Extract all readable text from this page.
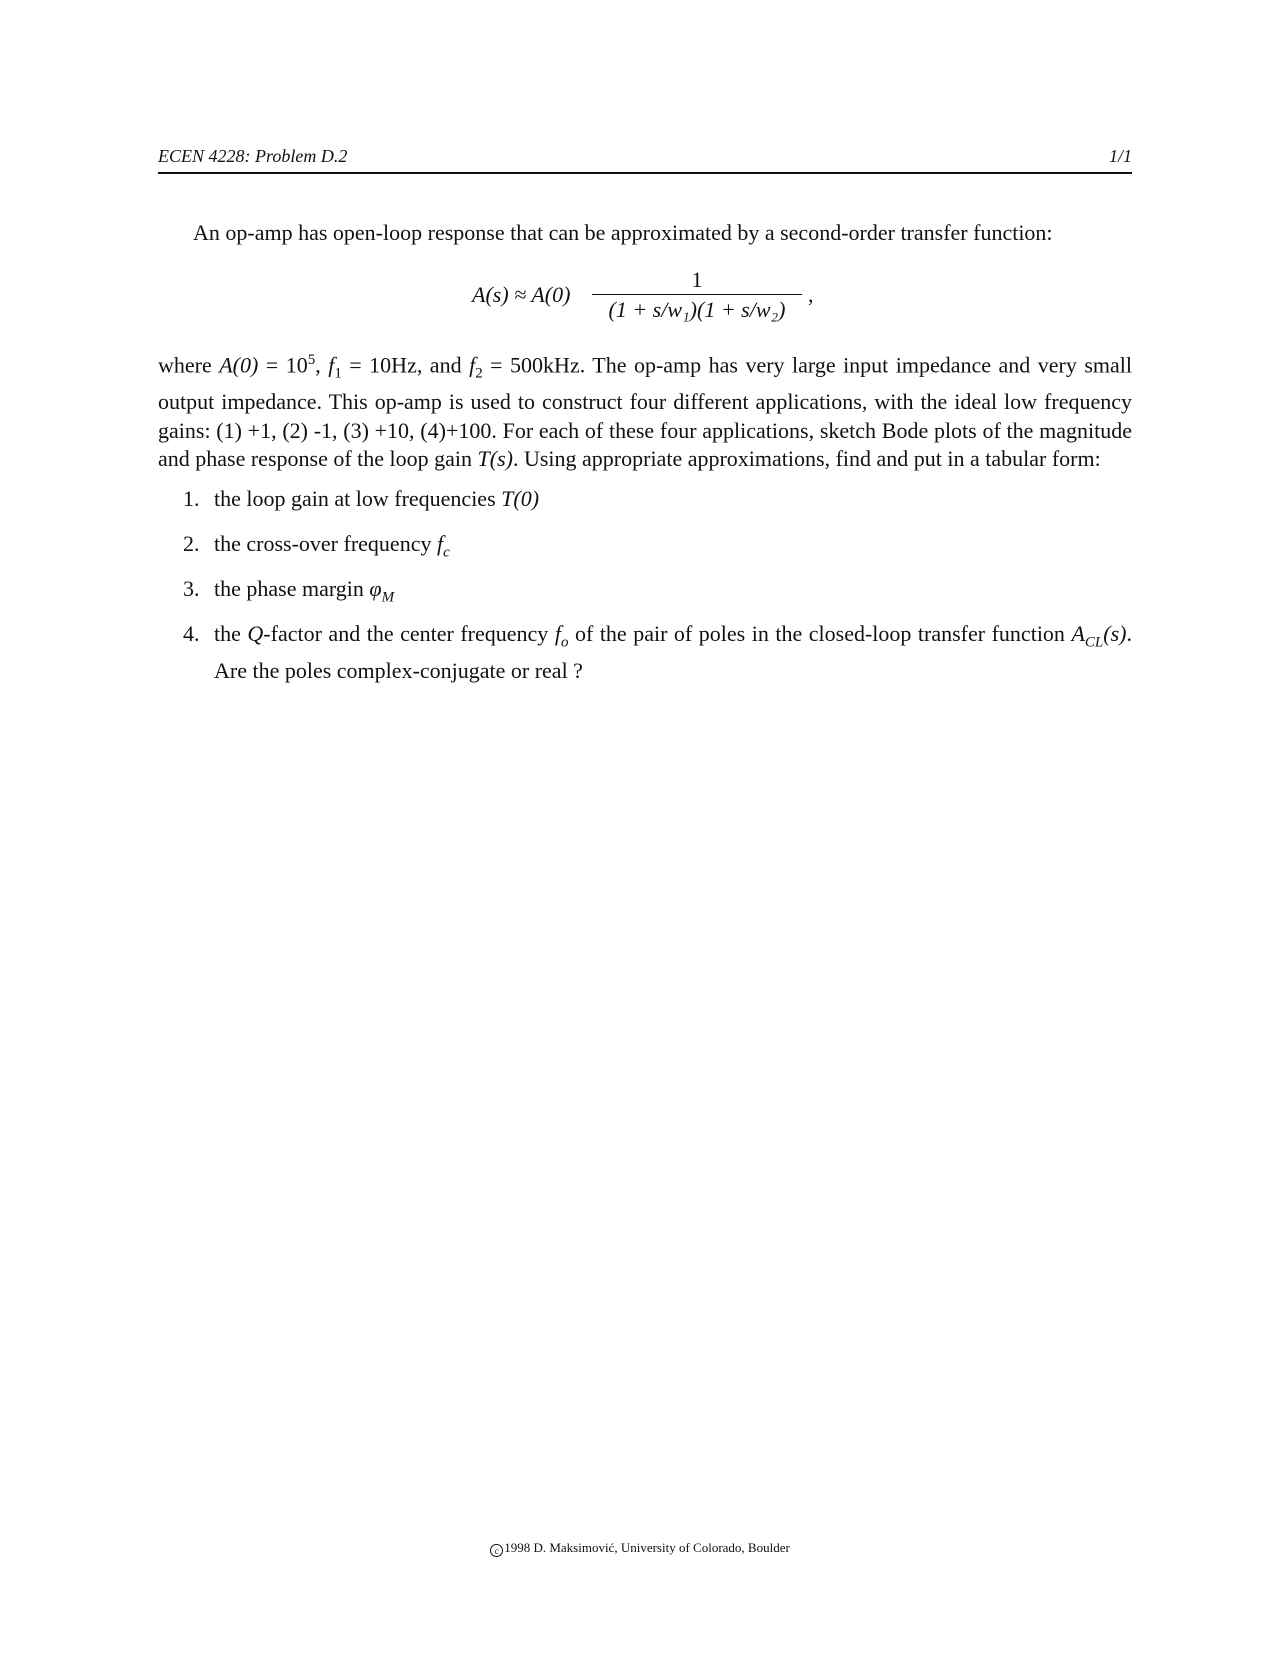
ECEN 4228: Problem D.2	1/1
An op-amp has open-loop response that can be approximated by a second-order transfer function:
A(s) ≈ A(0)
1
(1 + s/w₁)(1 + s/w₂)
,
where $A(0) = 10^5$, $f_1 = 10Hz$, and $f_2 = 500kHz$. The op-amp has very large input impedance and very small output impedance. This op-amp is used to construct four different applications, with the ideal low frequency gains: (1) +1, (2) -1, (3) +10, (4)+100. For each of these four applications, sketch Bode plots of the magnitude and phase response of the loop gain T(s). Using appropriate approximations, find and put in a tabular form:
1. the loop gain at low frequencies T(0)
2. the cross-over frequency $f_c$
3. the phase margin $\varphi_M$
4. the Q-factor and the center frequency $f_o$ of the pair of poles in the closed-loop transfer function $A_{CL}(s)$. Are the poles complex-conjugate or real ?
c 1998 D. Maksimović, University of Colorado, Boulder
